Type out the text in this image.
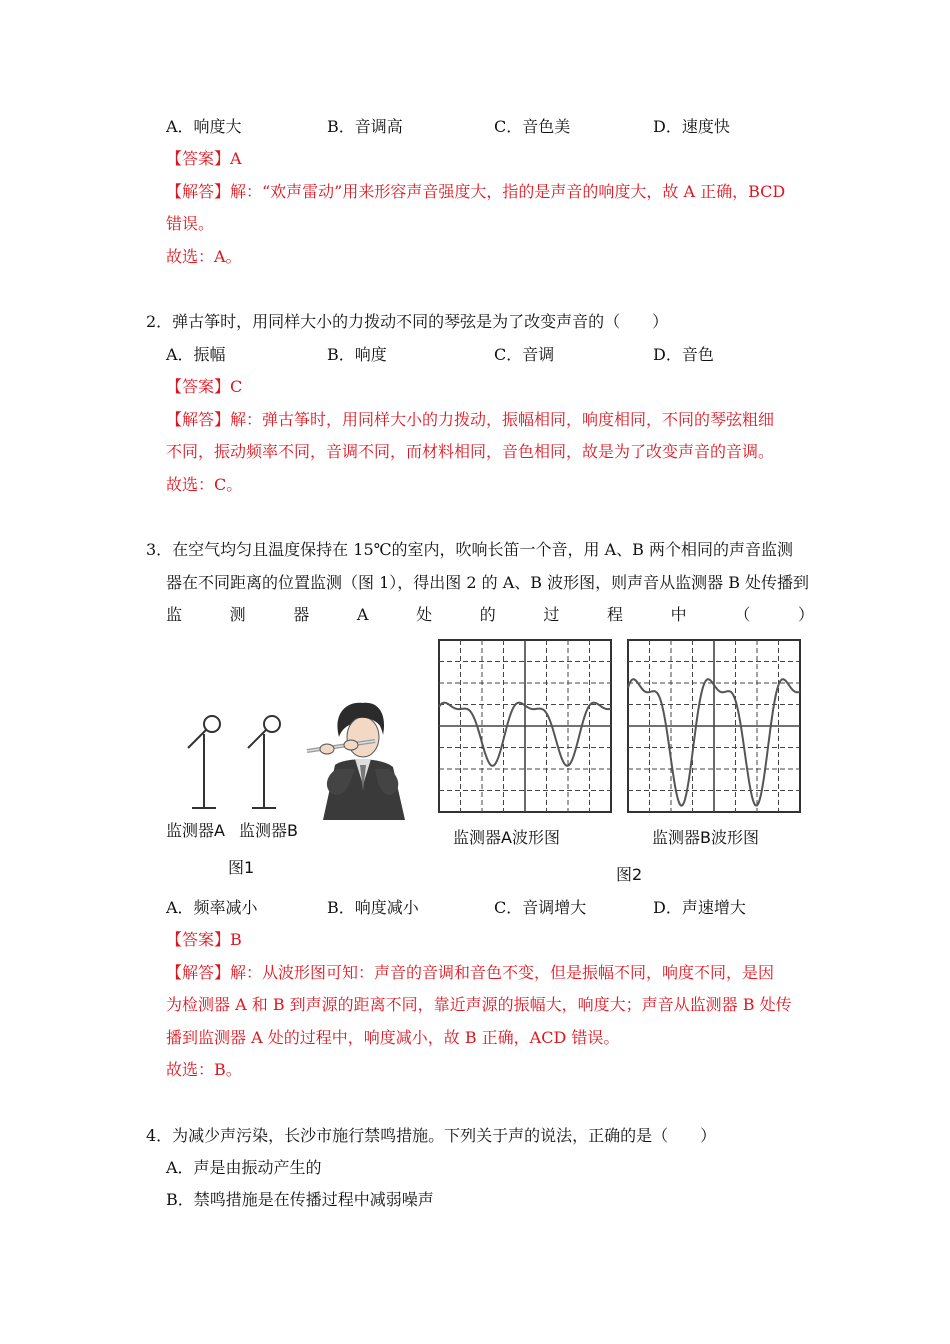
A．响度大	B．音调高	C．音色美	D．速度快
【答案】A
【解答】解：“欢声雷动”用来形容声音强度大，指的是声音的响度大，故 A 正确，BCD
错误。
故选：A。
2．弹古筝时，用同样大小的力拨动不同的琴弦是为了改变声音的（　　）
A．振幅	B．响度	C．音调	D．音色
【答案】C
【解答】解：弹古筝时，用同样大小的力拨动，振幅相同，响度相同，不同的琴弦粗细
不同，振动频率不同，音调不同，而材料相同，音色相同，故是为了改变声音的音调。
故选：C。
3．在空气均匀且温度保持在 15℃的室内，吹响长笛一个音，用 A、B 两个相同的声音监测
器在不同距离的位置监测（图 1），得出图 2 的 A、B 波形图，则声音从监测器 B 处传播到
监	测	器	A	处	的	过	程	中	（	）
监测器A 监测器B
图1
监测器A波形图	监测器B波形图
图2
A．频率减小	B．响度减小	C．音调增大	D．声速增大
【答案】B
【解答】解：从波形图可知：声音的音调和音色不变，但是振幅不同，响度不同，是因
为检测器 A 和 B 到声源的距离不同，靠近声源的振幅大，响度大；声音从监测器 B 处传
播到监测器 A 处的过程中，响度减小，故 B 正确，ACD 错误。
故选：B。
4．为减少声污染，长沙市施行禁鸣措施。下列关于声的说法，正确的是（　　）
A．声是由振动产生的
B．禁鸣措施是在传播过程中减弱噪声
